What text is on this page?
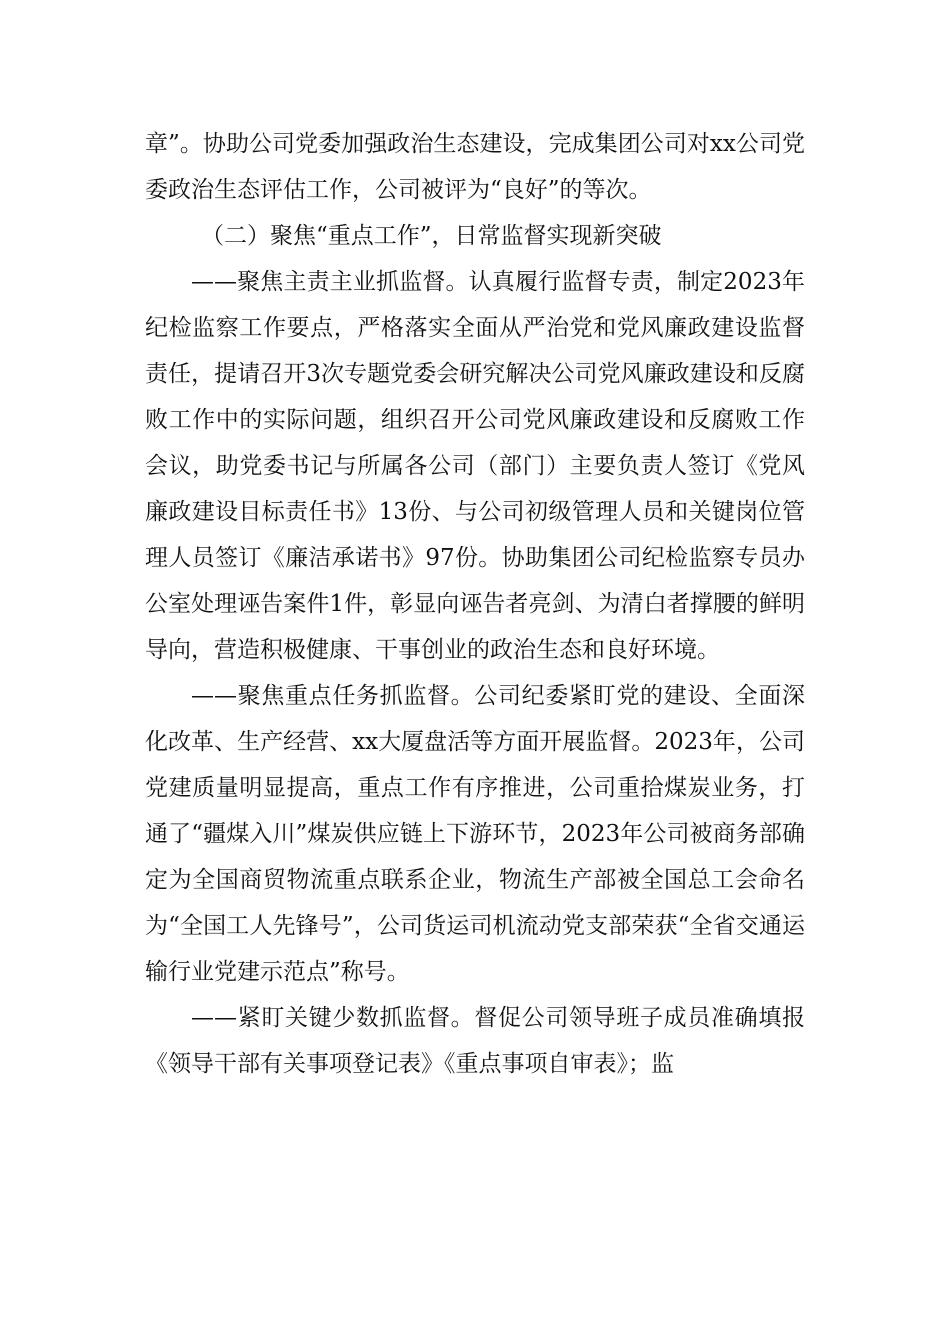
章”。协助公司党委加强政治生态建设，完成集团公司对xx公司党委政治生态评估工作，公司被评为“良好”的等次。

（二）聚焦“重点工作”，日常监督实现新突破

——聚焦主责主业抓监督。认真履行监督专责，制定2023年纪检监察工作要点，严格落实全面从严治党和党风廉政建设监督责任，提请召开3次专题党委会研究解决公司党风廉政建设和反腐败工作中的实际问题，组织召开公司党风廉政建设和反腐败工作会议，助党委书记与所属各公司（部门）主要负责人签订《党风廉政建设目标责任书》13份、与公司初级管理人员和关键岗位管理人员签订《廉洁承诺书》97份。协助集团公司纪检监察专员办公室处理诬告案件1件，彰显向诬告者亮剑、为清白者撑腰的鲜明导向，营造积极健康、干事创业的政治生态和良好环境。

——聚焦重点任务抓监督。公司纪委紧盯党的建设、全面深化改革、生产经营、xx大厦盘活等方面开展监督。2023年，公司党建质量明显提高，重点工作有序推进，公司重拾煤炭业务，打通了“疆煤入川”煤炭供应链上下游环节，2023年公司被商务部确定为全国商贸物流重点联系企业，物流生产部被全国总工会命名为“全国工人先锋号”，公司货运司机流动党支部荣获“全省交通运输行业党建示范点”称号。

——紧盯关键少数抓监督。督促公司领导班子成员准确填报《领导干部有关事项登记表》《重点事项自审表》；监
